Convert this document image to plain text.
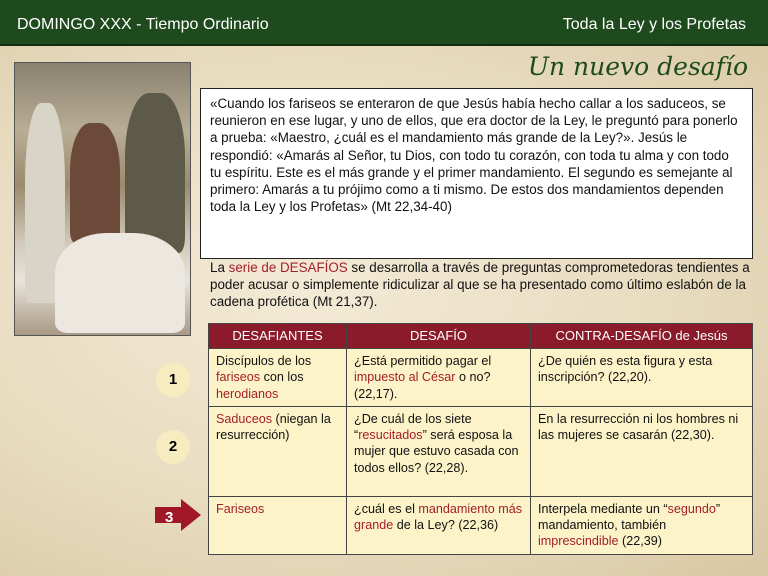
DOMINGO XXX - Tiempo Ordinario	Toda la Ley y los Profetas
Un nuevo desafío
«Cuando los fariseos se enteraron de que Jesús había hecho callar a los saduceos, se reunieron en ese lugar, y uno de ellos, que era doctor de la Ley, le preguntó para ponerlo a prueba: «Maestro, ¿cuál es el mandamiento más grande de la Ley?». Jesús le respondió: «Amarás al Señor, tu Dios, con todo tu corazón, con toda tu alma y con todo tu espíritu. Este es el más grande y el primer mandamiento. El segundo es semejante al primero: Amarás a tu prójimo como a ti mismo. De estos dos mandamientos dependen toda la Ley y los Profetas» (Mt 22,34-40)
La serie de DESAFÍOS se desarrolla a través de preguntas comprometedoras tendientes a poder acusar o simplemente ridiculizar al que se ha presentado como último eslabón de la cadena profética (Mt 21,37).
DESAFIANTES	DESAFÍO	CONTRA-DESAFÍO de Jesús
Discípulos de los fariseos con los herodianos	¿Está permitido pagar el impuesto al César o no? (22,17).	¿De quién es esta figura y esta inscripción? (22,20).
Saduceos (niegan la resurrección)	¿De cuál de los siete “resucitados” será esposa la mujer que estuvo casada con todos ellos? (22,28).	En la resurrección ni los hombres ni las mujeres se casarán (22,30).
Fariseos	¿cuál es el mandamiento más grande de la Ley? (22,36)	Interpela mediante un “segundo” mandamiento, también imprescindible (22,39)
1
2
3
